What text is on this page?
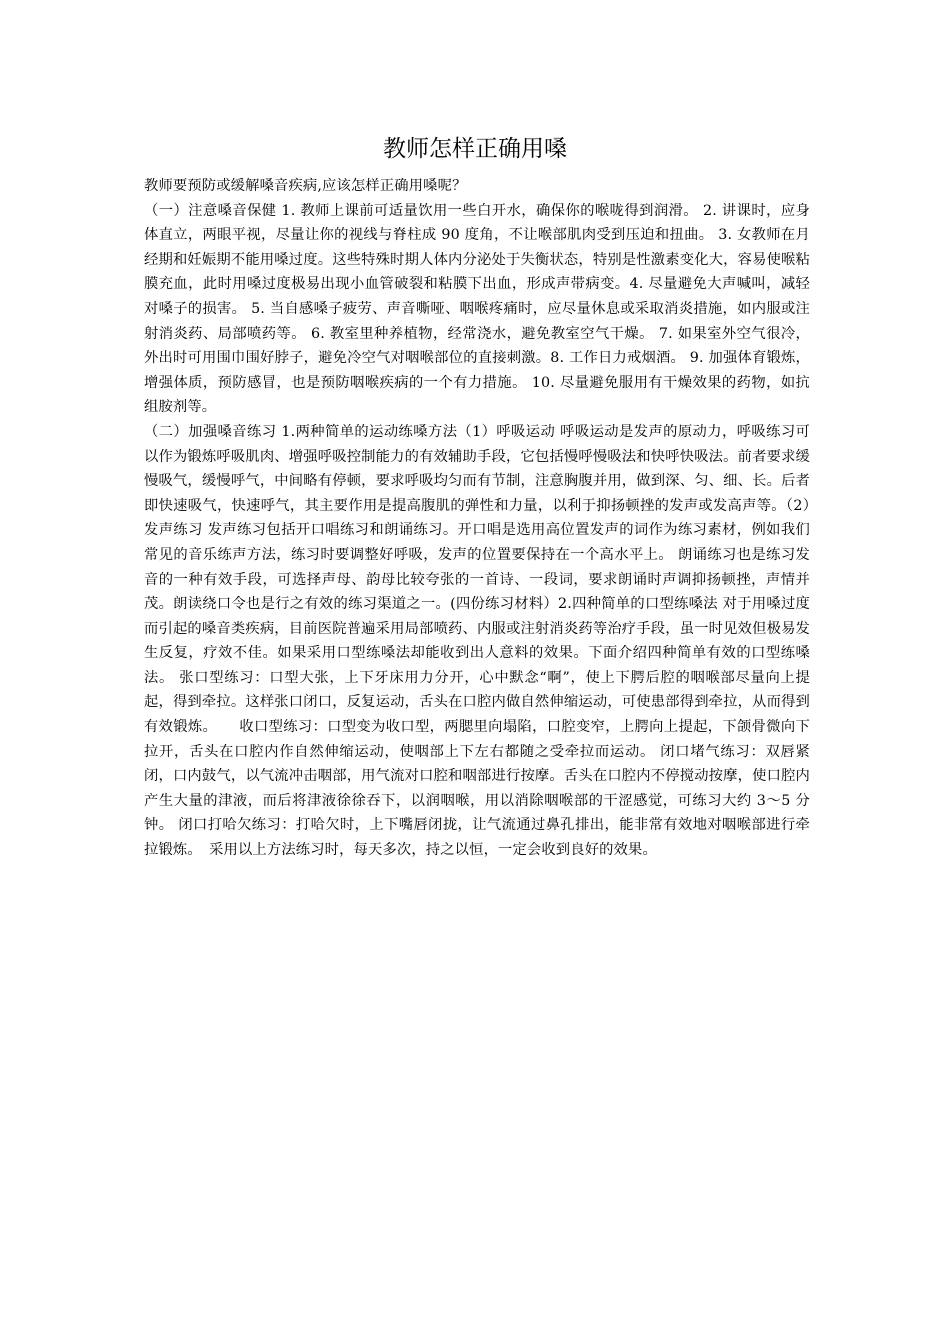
教师怎样正确用嗓

教师要预防或缓解嗓音疾病,应该怎样正确用嗓呢？

（一）注意嗓音保健 1. 教师上课前可适量饮用一些白开水，确保你的喉咙得到润滑。 2. 讲课时，应身体直立，两眼平视，尽量让你的视线与脊柱成 90 度角，不让喉部肌肉受到压迫和扭曲。 3. 女教师在月经期和妊娠期不能用嗓过度。这些特殊时期人体内分泌处于失衡状态，特别是性激素变化大，容易使喉粘膜充血，此时用嗓过度极易出现小血管破裂和粘膜下出血，形成声带病变。4. 尽量避免大声喊叫，减轻对嗓子的损害。 5. 当自感嗓子疲劳、声音嘶哑、咽喉疼痛时，应尽量休息或采取消炎措施，如内服或注射消炎药、局部喷药等。 6. 教室里种养植物，经常浇水，避免教室空气干燥。 7. 如果室外空气很冷，外出时可用围巾围好脖子，避免冷空气对咽喉部位的直接刺激。8. 工作日力戒烟酒。 9. 加强体育锻炼，增强体质，预防感冒，也是预防咽喉疾病的一个有力措施。 10. 尽量避免服用有干燥效果的药物，如抗组胺剂等。

（二）加强嗓音练习 1.两种简单的运动练嗓方法（1）呼吸运动 呼吸运动是发声的原动力，呼吸练习可以作为锻炼呼吸肌肉、增强呼吸控制能力的有效辅助手段，它包括慢呼慢吸法和快呼快吸法。前者要求缓慢吸气，缓慢呼气，中间略有停顿，要求呼吸均匀而有节制，注意胸腹并用，做到深、匀、细、长。后者即快速吸气，快速呼气，其主要作用是提高腹肌的弹性和力量，以利于抑扬顿挫的发声或发高声等。（2）发声练习 发声练习包括开口唱练习和朗诵练习。开口唱是选用高位置发声的词作为练习素材，例如我们常见的音乐练声方法，练习时要调整好呼吸，发声的位置要保持在一个高水平上。 朗诵练习也是练习发音的一种有效手段，可选择声母、韵母比较夸张的一首诗、一段词，要求朗诵时声调抑扬顿挫，声情并茂。朗读绕口令也是行之有效的练习渠道之一。(四份练习材料）2.四种简单的口型练嗓法 对于用嗓过度而引起的嗓音类疾病，目前医院普遍采用局部喷药、内服或注射消炎药等治疗手段，虽一时见效但极易发生反复，疗效不佳。如果采用口型练嗓法却能收到出人意料的效果。下面介绍四种简单有效的口型练嗓法。 张口型练习：口型大张，上下牙床用力分开，心中默念“啊”，使上下腭后腔的咽喉部尽量向上提起，得到牵拉。这样张口闭口，反复运动，舌头在口腔内做自然伸缩运动，可使患部得到牵拉，从而得到有效锻炼。　　收口型练习：口型变为收口型，两腮里向塌陷，口腔变窄，上腭向上提起，下颌骨微向下拉开，舌头在口腔内作自然伸缩运动，使咽部上下左右都随之受牵拉而运动。 闭口堵气练习：双唇紧闭，口内鼓气，以气流冲击咽部，用气流对口腔和咽部进行按摩。舌头在口腔内不停搅动按摩，使口腔内产生大量的津液，而后将津液徐徐吞下，以润咽喉，用以消除咽喉部的干涩感觉，可练习大约 3～5 分钟。 闭口打哈欠练习：打哈欠时，上下嘴唇闭拢，让气流通过鼻孔排出，能非常有效地对咽喉部进行牵拉锻炼。　采用以上方法练习时，每天多次，持之以恒，一定会收到良好的效果。
